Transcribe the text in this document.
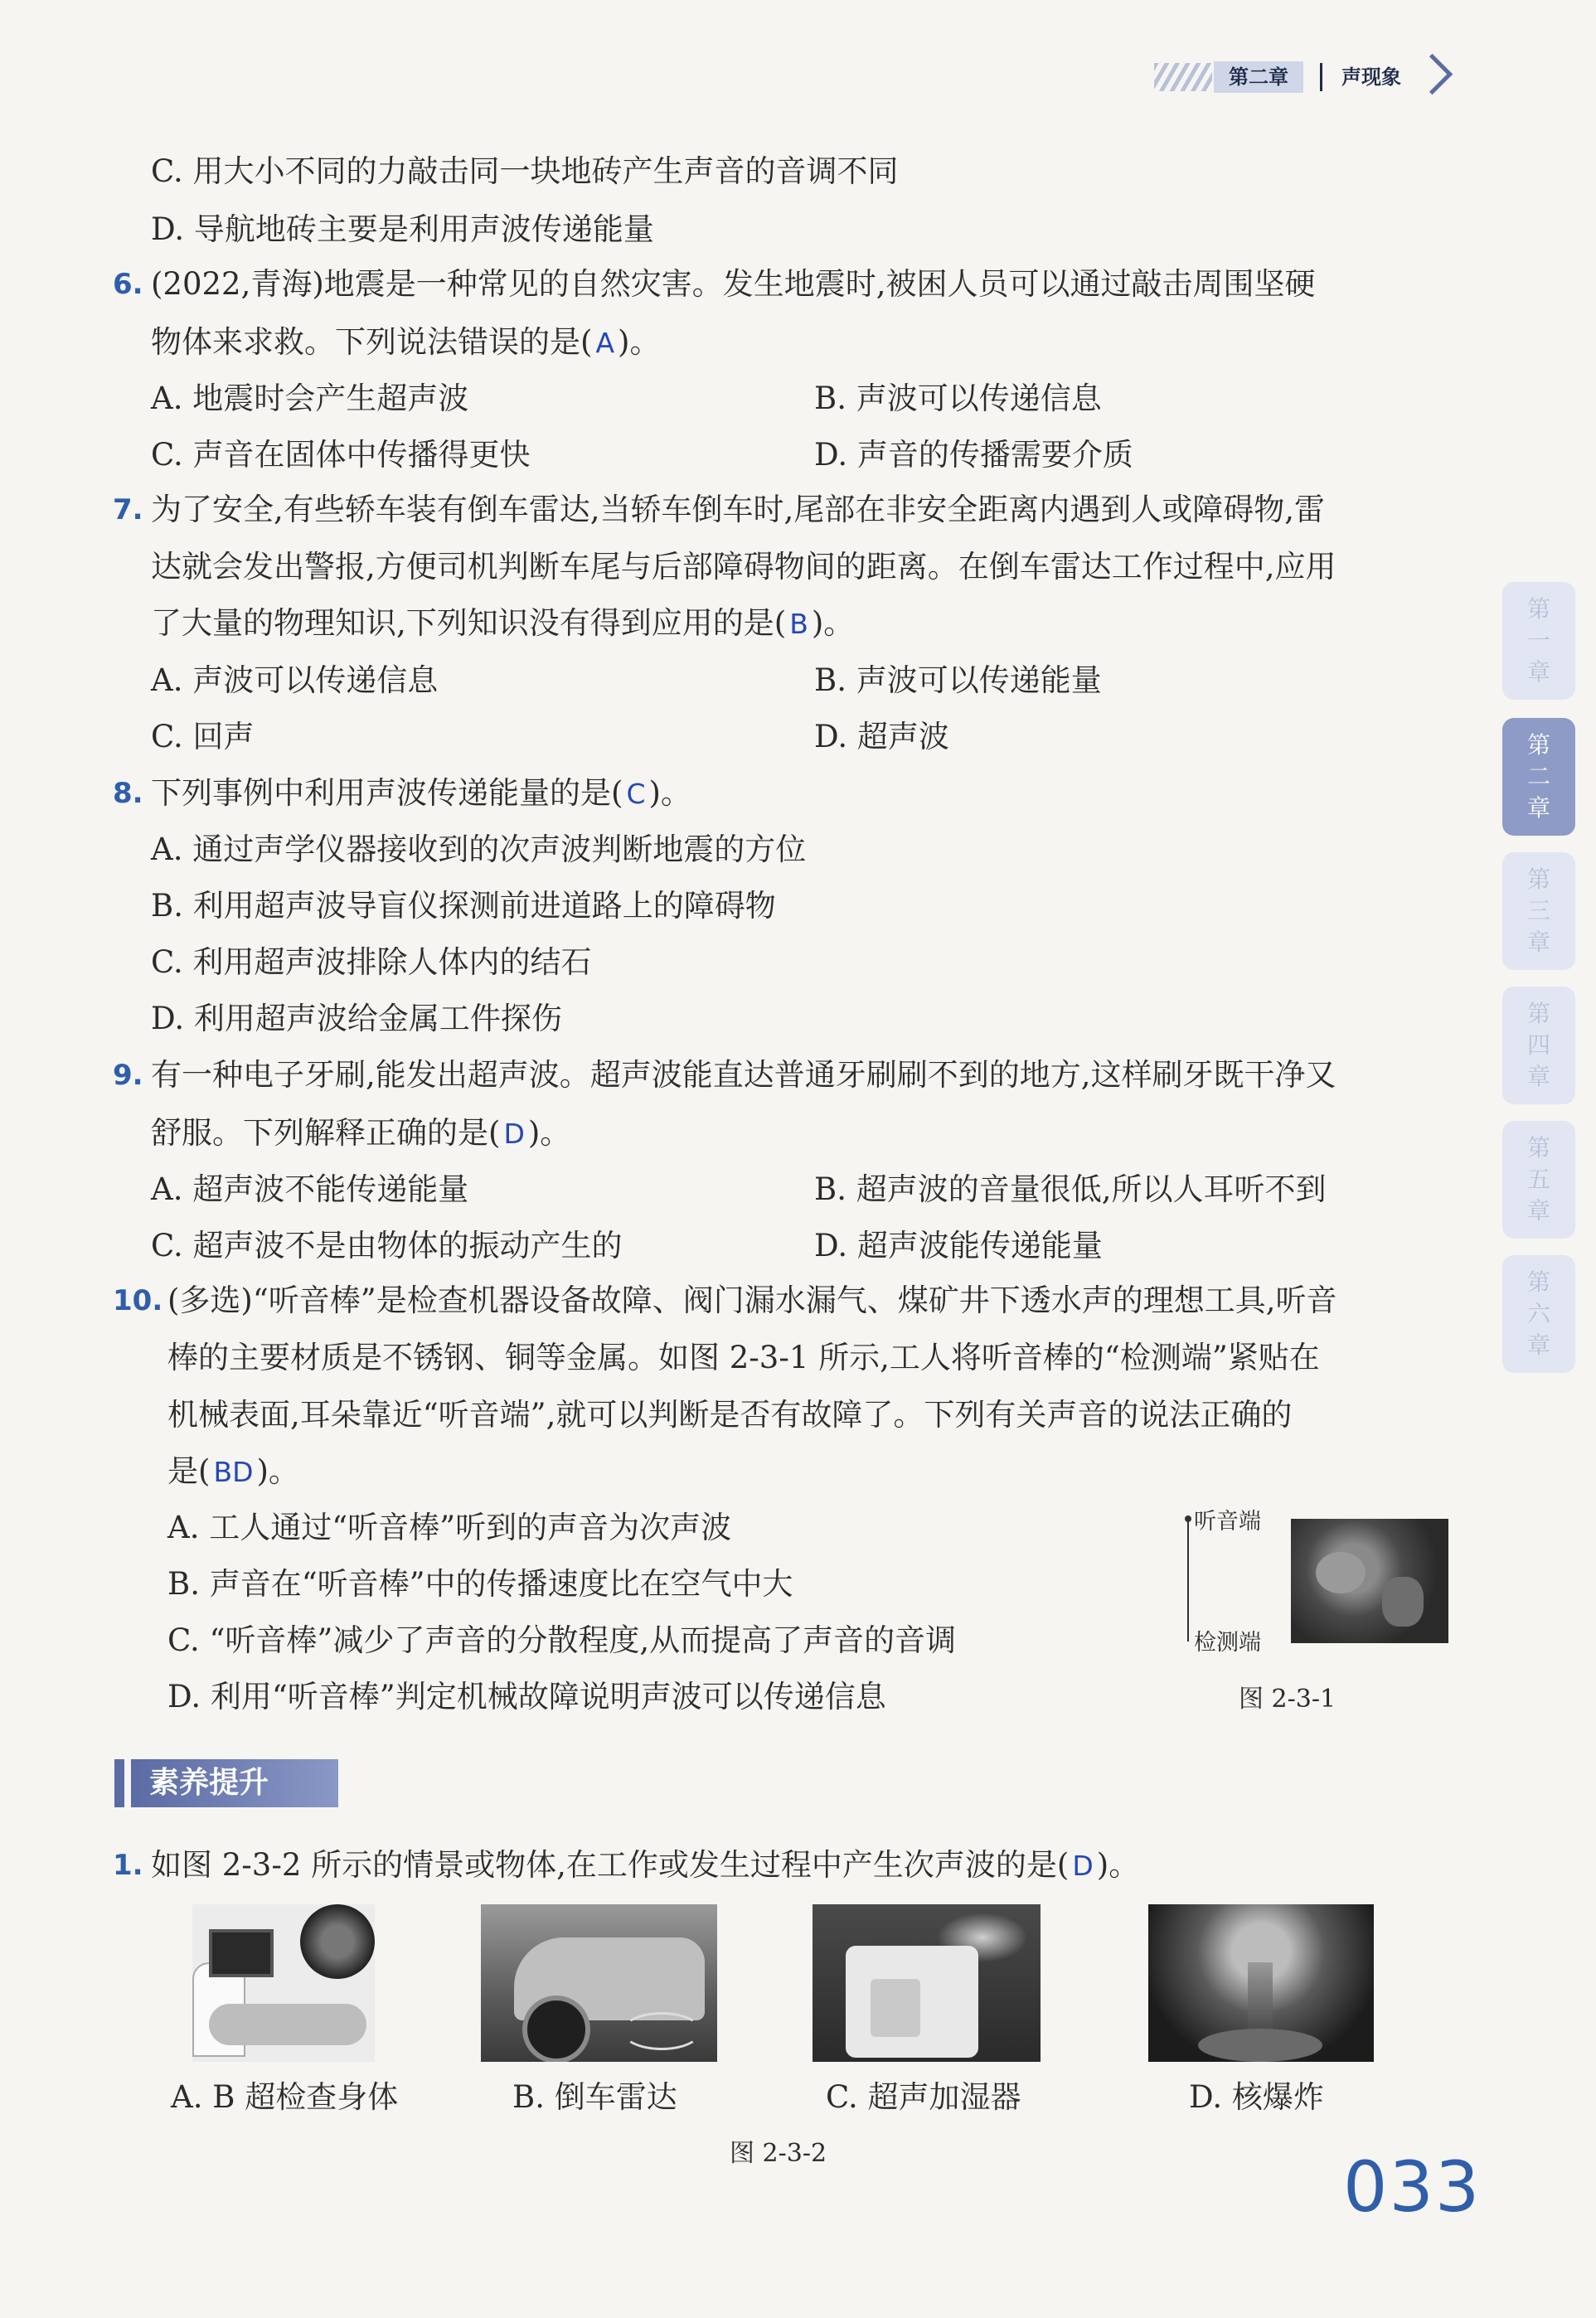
第二章	声现象
第
一
章
第
二
章
第
三
章
第
四
章
第
五
章
第
六
章
C. 用大小不同的力敲击同一块地砖产生声音的音调不同
D. 导航地砖主要是利用声波传递能量
6. (2022,青海)地震是一种常见的自然灾害。发生地震时,被困人员可以通过敲击周围坚硬
物体来求救。下列说法错误的是( A )。
A. 地震时会产生超声波	B. 声波可以传递信息
C. 声音在固体中传播得更快	D. 声音的传播需要介质
7. 为了安全,有些轿车装有倒车雷达,当轿车倒车时,尾部在非安全距离内遇到人或障碍物,雷
达就会发出警报,方便司机判断车尾与后部障碍物间的距离。在倒车雷达工作过程中,应用
了大量的物理知识,下列知识没有得到应用的是( B )。
A. 声波可以传递信息	B. 声波可以传递能量
C. 回声	D. 超声波
8. 下列事例中利用声波传递能量的是( C )。
A. 通过声学仪器接收到的次声波判断地震的方位
B. 利用超声波导盲仪探测前进道路上的障碍物
C. 利用超声波排除人体内的结石
D. 利用超声波给金属工件探伤
9. 有一种电子牙刷,能发出超声波。超声波能直达普通牙刷刷不到的地方,这样刷牙既干净又
舒服。下列解释正确的是( D )。
A. 超声波不能传递能量	B. 超声波的音量很低,所以人耳听不到
C. 超声波不是由物体的振动产生的	D. 超声波能传递能量
10. (多选)“听音棒”是检查机器设备故障、阀门漏水漏气、煤矿井下透水声的理想工具,听音
棒的主要材质是不锈钢、铜等金属。如图 2-3-1 所示,工人将听音棒的“检测端”紧贴在
机械表面,耳朵靠近“听音端”,就可以判断是否有故障了。下列有关声音的说法正确的
是( BD )。
A. 工人通过“听音棒”听到的声音为次声波
B. 声音在“听音棒”中的传播速度比在空气中大
C. “听音棒”减少了声音的分散程度,从而提高了声音的音调
D. 利用“听音棒”判定机械故障说明声波可以传递信息
听音端
检测端
图 2-3-1
素养提升
1. 如图 2-3-2 所示的情景或物体,在工作或发生过程中产生次声波的是( D )。
A. B 超检查身体	B. 倒车雷达	C. 超声加湿器	D. 核爆炸
图 2-3-2	033
